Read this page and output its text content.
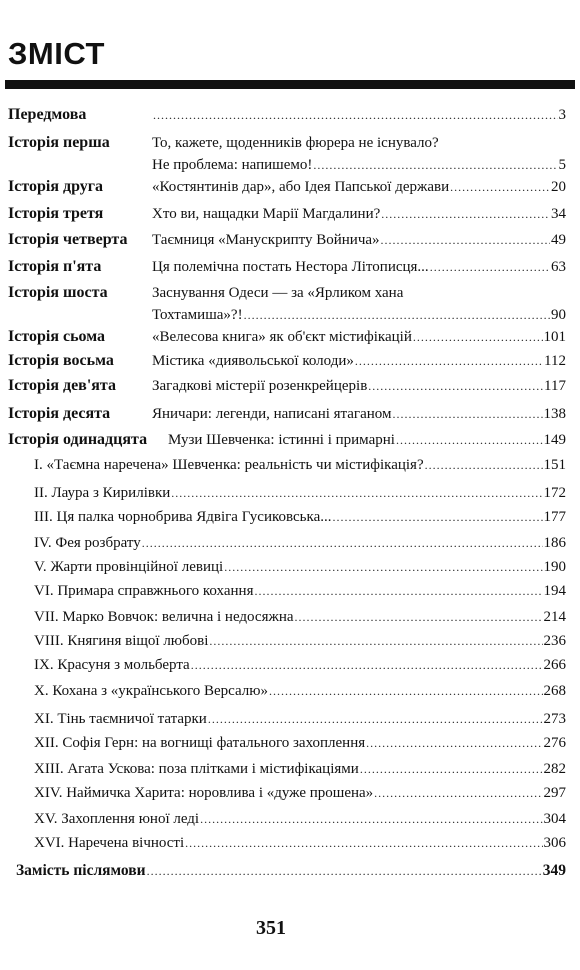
ЗМІСТ
Передмова .....	3
Історія перша	То, кажете, щоденників фюрера не існувало?
Не проблема: напишемо! .....	5
Історія друга	«Костянтинів дар», або Ідея Папської держави .....	20
Історія третя	Хто ви, нащадки Марії Магдалини? .....	34
Історія четверта Таємниця «Манускрипту Войнича» .....	49
Історія п'ята	Ця полемічна постать Нестора Літописця... .....	63
Історія шоста	Заснування Одеси — за «Ярликом хана
Тохтамиша»?! .....	90
Історія сьома	«Велесова книга» як об'єкт містифікацій .....	101
Історія восьма	Містика «диявольської колоди» .....	112
Історія дев'ята Загадкові містерії розенкрейцерів .....	117
Історія десята	Яничари: легенди, написані ятаганом .....	138
Історія одинадцята Музи Шевченка: істинні і примарні .....	149
I. «Таємна наречена» Шевченка: реальність чи містифікація? .....	151
II. Лаура з Кирилівки .....	172
III. Ця палка чорнобрива Ядвіга Гусиковська... .....	177
IV. Фея розбрату .....	186
V. Жарти провінційної левиці .....	190
VI. Примара справжнього кохання .....	194
VII. Марко Вовчок: велична і недосяжна .....	214
VIII. Княгиня віщої любові .....	236
IX. Красуня з мольберта .....	266
X. Кохана з «українського Версалю» .....	268
XI. Тінь таємничої татарки .....	273
XII. Софія Герн: на вогнищі фатального захоплення .....	276
XIII. Агата Ускова: поза плітками і містифікаціями .....	282
XIV. Наймичка Харита: норовлива і «дуже прошена» .....	297
XV. Захоплення юної леді .....	304
XVI. Наречена вічності .....	306
Замість післямови .....	349
351
